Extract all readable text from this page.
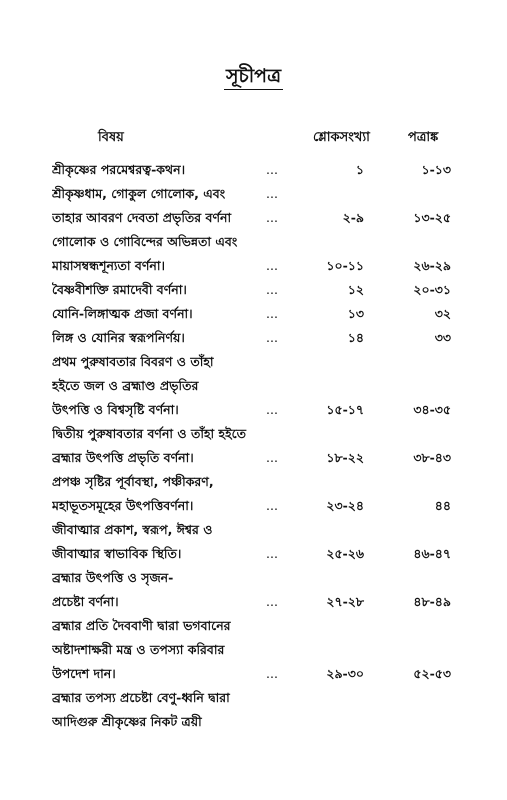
সূচীপত্র
বিষয়	শ্লোকসংখ্যা	পত্রাঙ্ক
শ্রীকৃষ্ণের পরমেশ্বরত্ব-কথন।	...	১	১-১৩
শ্রীকৃষ্ণধাম, গোকুল গোলোক, এবং	...
তাহার আবরণ দেবতা প্রভৃতির বর্ণনা	...	২-৯	১৩-২৫
গোলোক ও গোবিন্দের অভিন্নতা এবং
মায়াসম্বন্ধশূন্যতা বর্ণনা।	...	১০-১১	২৬-২৯
বৈষ্ণবীশক্তি রমাদেবী বর্ণনা।	...	১২	২০-৩১
যোনি-লিঙ্গাত্মক প্রজা বর্ণনা।	...	১৩	৩২
লিঙ্গ ও যোনির স্বরূপনির্ণয়।	...	১৪	৩৩
প্রথম পুরুষাবতার বিবরণ ও তাঁহা
হইতে জল ও ব্রহ্মাণ্ড প্রভৃতির
উৎপত্তি ও বিশ্বসৃষ্টি বর্ণনা।	...	১৫-১৭	৩৪-৩৫
দ্বিতীয় পুরুষাবতার বর্ণনা ও তাঁহা হইতে
ব্রহ্মার উৎপত্তি প্রভৃতি বর্ণনা।	...	১৮-২২	৩৮-৪৩
প্রপঞ্চ সৃষ্টির পূর্বাবস্থা, পঞ্চীকরণ,
মহাভূতসমূহের উৎপত্তিবর্ণনা।	...	২৩-২৪	৪৪
জীবাত্মার প্রকাশ, স্বরূপ, ঈশ্বর ও
জীবাত্মার স্বাভাবিক স্থিতি।	...	২৫-২৬	৪৬-৪৭
ব্রহ্মার উৎপত্তি ও সৃজন-
প্রচেষ্টা বর্ণনা।	...	২৭-২৮	৪৮-৪৯
ব্রহ্মার প্রতি দৈববাণী দ্বারা ভগবানের
অষ্টাদশাক্ষরী মন্ত্র ও তপস্যা করিবার
উপদেশ দান।	...	২৯-৩০	৫২-৫৩
ব্রহ্মার তপস্য প্রচেষ্টা বেণু-ধ্বনি দ্বারা
আদিগুরু শ্রীকৃষ্ণের নিকট ত্রয়ী
